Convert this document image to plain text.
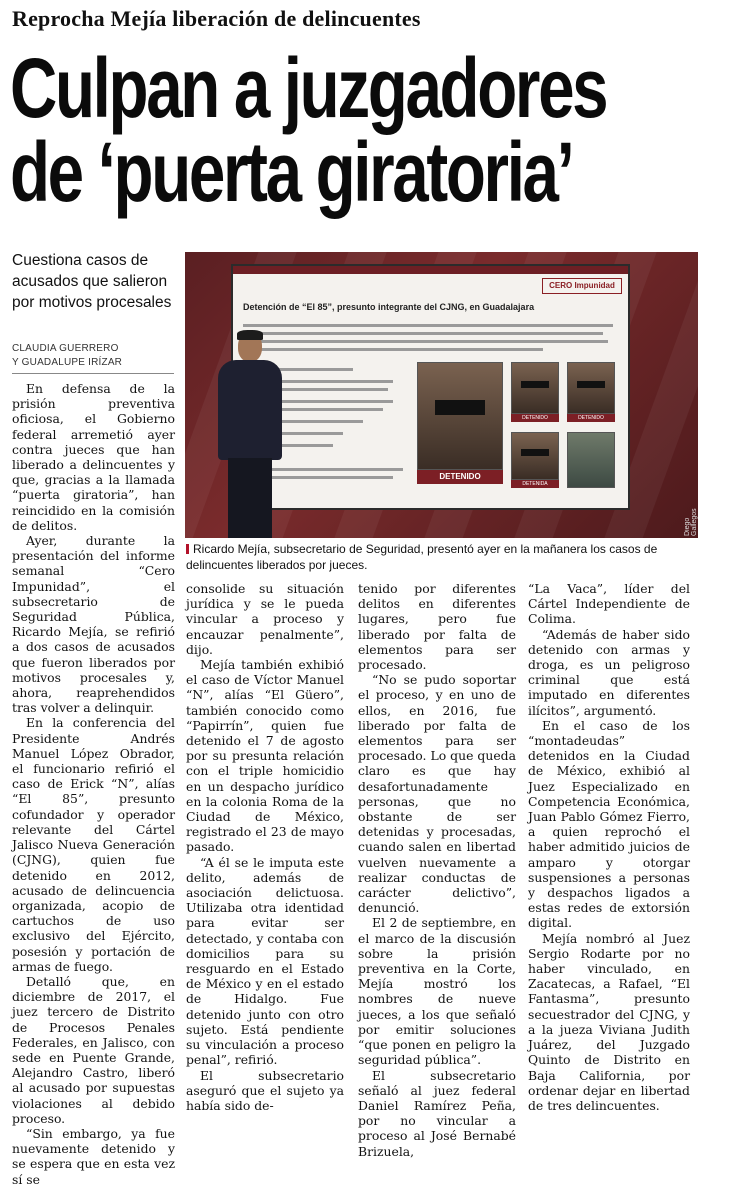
Reprocha Mejía liberación de delincuentes
Culpan a juzgadores
de ‘puerta giratoria’
Cuestiona casos de acusados que salieron por motivos procesales
CLAUDIA GUERRERO
Y GUADALUPE IRÍZAR
CERO Impunidad
Detención de “El 85”, presunto integrante del CJNG, en Guadalajara
DETENIDO
DETENIDO	DETENIDO
DETENIDA
Diego Gallegos
Ricardo Mejía, subsecretario de Seguridad, presentó ayer en la mañanera los casos de delincuentes liberados por jueces.

En defensa de la prisión preventiva oficiosa, el Gobierno federal arremetió ayer contra jueces que han liberado a delincuentes y que, gracias a la llamada “puerta giratoria”, han reincidido en la comisión de delitos.

Ayer, durante la presentación del informe semanal “Cero Impunidad”, el subsecretario de Seguridad Pública, Ricardo Mejía, se refirió a dos casos de acusados que fueron liberados por motivos procesales y, ahora, reaprehendidos tras volver a delinquir.

En la conferencia del Presidente Andrés Manuel López Obrador, el funcionario refirió el caso de Erick “N”, alías “El 85”, presunto cofundador y operador relevante del Cártel Jalisco Nueva Generación (CJNG), quien fue detenido en 2012, acusado de delincuencia organizada, acopio de cartuchos de uso exclusivo del Ejército, posesión y portación de armas de fuego.

Detalló que, en diciembre de 2017, el juez tercero de Distrito de Procesos Penales Federales, en Jalisco, con sede en Puente Grande, Alejandro Castro, liberó al acusado por supuestas violaciones al debido proceso.

“Sin embargo, ya fue nuevamente detenido y se espera que en esta vez sí se

consolide su situación jurídica y se le pueda vincular a proceso y encauzar penalmente”, dijo.

Mejía también exhibió el caso de Víctor Manuel “N”, alías “El Güero”, también conocido como “Papirrín”, quien fue detenido el 7 de agosto por su presunta relación con el triple homicidio en un despacho jurídico en la colonia Roma de la Ciudad de México, registrado el 23 de mayo pasado.

“A él se le imputa este delito, además de asociación delictuosa. Utilizaba otra identidad para evitar ser detectado, y contaba con domicilios para su resguardo en el Estado de México y en el estado de Hidalgo. Fue detenido junto con otro sujeto. Está pendiente su vinculación a proceso penal”, refirió.

El subsecretario aseguró que el sujeto ya había sido de-

tenido por diferentes delitos en diferentes lugares, pero fue liberado por falta de elementos para ser procesado.

“No se pudo soportar el proceso, y en uno de ellos, en 2016, fue liberado por falta de elementos para ser procesado. Lo que queda claro es que hay desafortunadamente personas, que no obstante de ser detenidas y procesadas, cuando salen en libertad vuelven nuevamente a realizar conductas de carácter delictivo”, denunció.

El 2 de septiembre, en el marco de la discusión sobre la prisión preventiva en la Corte, Mejía mostró los nombres de nueve jueces, a los que señaló por emitir soluciones “que ponen en peligro la seguridad pública”.

El subsecretario señaló al juez federal Daniel Ramírez Peña, por no vincular a proceso al José Bernabé Brizuela,

“La Vaca”, líder del Cártel Independiente de Colima.

“Además de haber sido detenido con armas y droga, es un peligroso criminal que está imputado en diferentes ilícitos”, argumentó.

En el caso de los “montadeudas” detenidos en la Ciudad de México, exhibió al Juez Especializado en Competencia Económica, Juan Pablo Gómez Fierro, a quien reprochó el haber admitido juicios de amparo y otorgar suspensiones a personas y despachos ligados a estas redes de extorsión digital.

Mejía nombró al Juez Sergio Rodarte por no haber vinculado, en Zacatecas, a Rafael, “El Fantasma”, presunto secuestrador del CJNG, y a la jueza Viviana Judith Juárez, del Juzgado Quinto de Distrito en Baja California, por ordenar dejar en libertad de tres delincuentes.
